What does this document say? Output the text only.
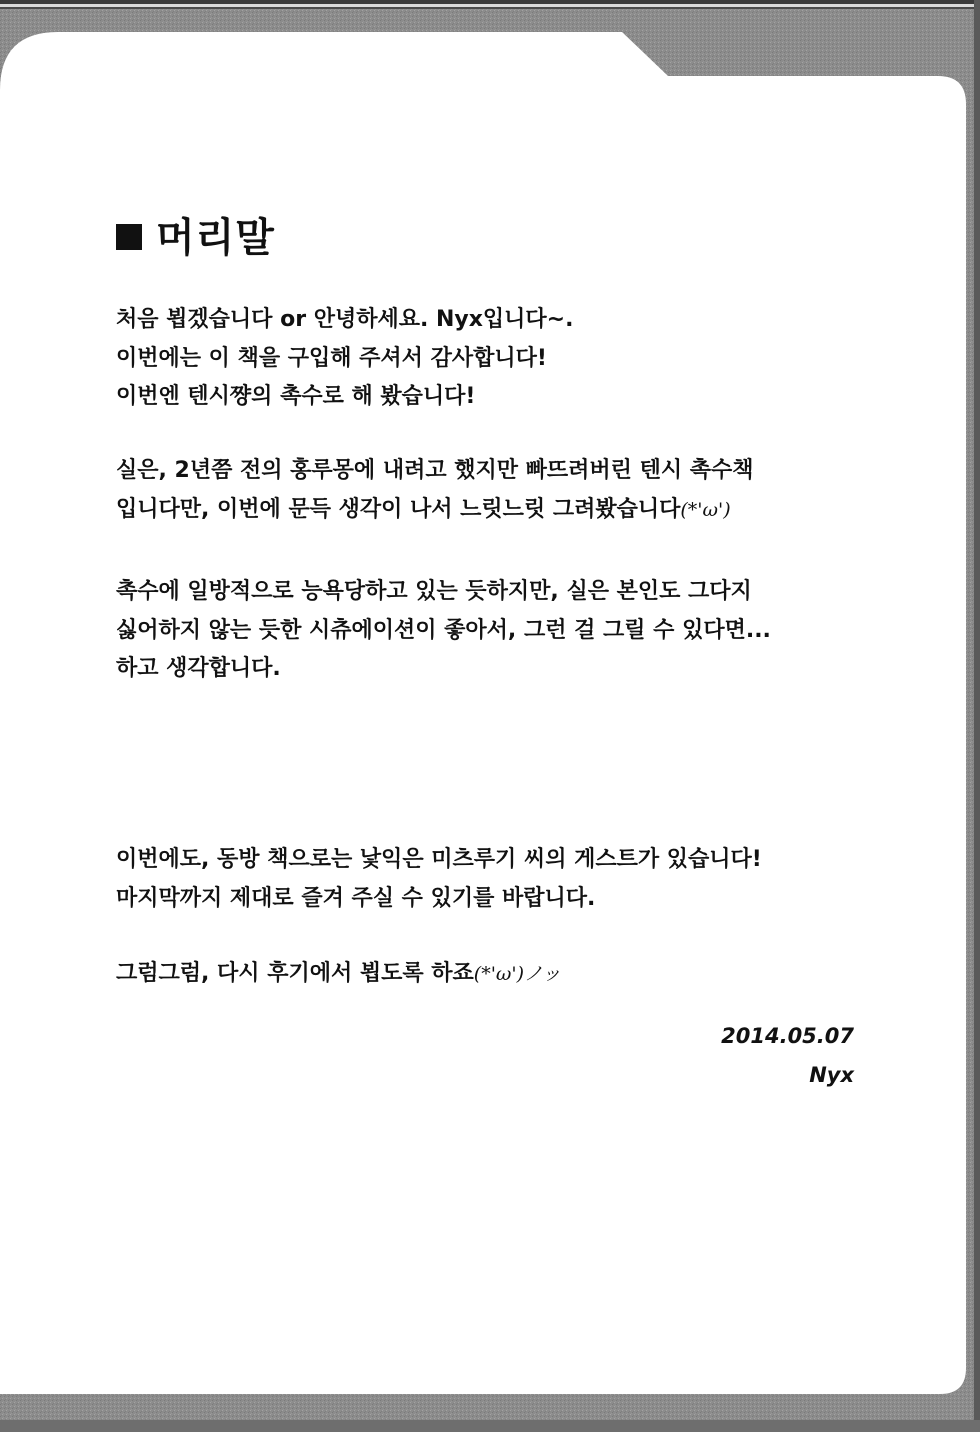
머리말

처음 뵙겠습니다 or 안녕하세요. Nyx입니다~.
이번에는 이 책을 구입해 주셔서 감사합니다!
이번엔 텐시쨩의 촉수로 해 봤습니다!

실은, 2년쯤 전의 홍루몽에 내려고 했지만 빠뜨려버린 텐시 촉수책
입니다만, 이번에 문득 생각이 나서 느릿느릿 그려봤습니다(*'ω')

촉수에 일방적으로 능욕당하고 있는 듯하지만, 실은 본인도 그다지
싫어하지 않는 듯한 시츄에이션이 좋아서, 그런 걸 그릴 수 있다면...
하고 생각합니다.

이번에도, 동방 책으로는 낯익은 미츠루기 씨의 게스트가 있습니다!
마지막까지 제대로 즐겨 주실 수 있기를 바랍니다.

그럼그럼, 다시 후기에서 뵙도록 하죠(*'ω')ノッ

2014.05.07

Nyx
